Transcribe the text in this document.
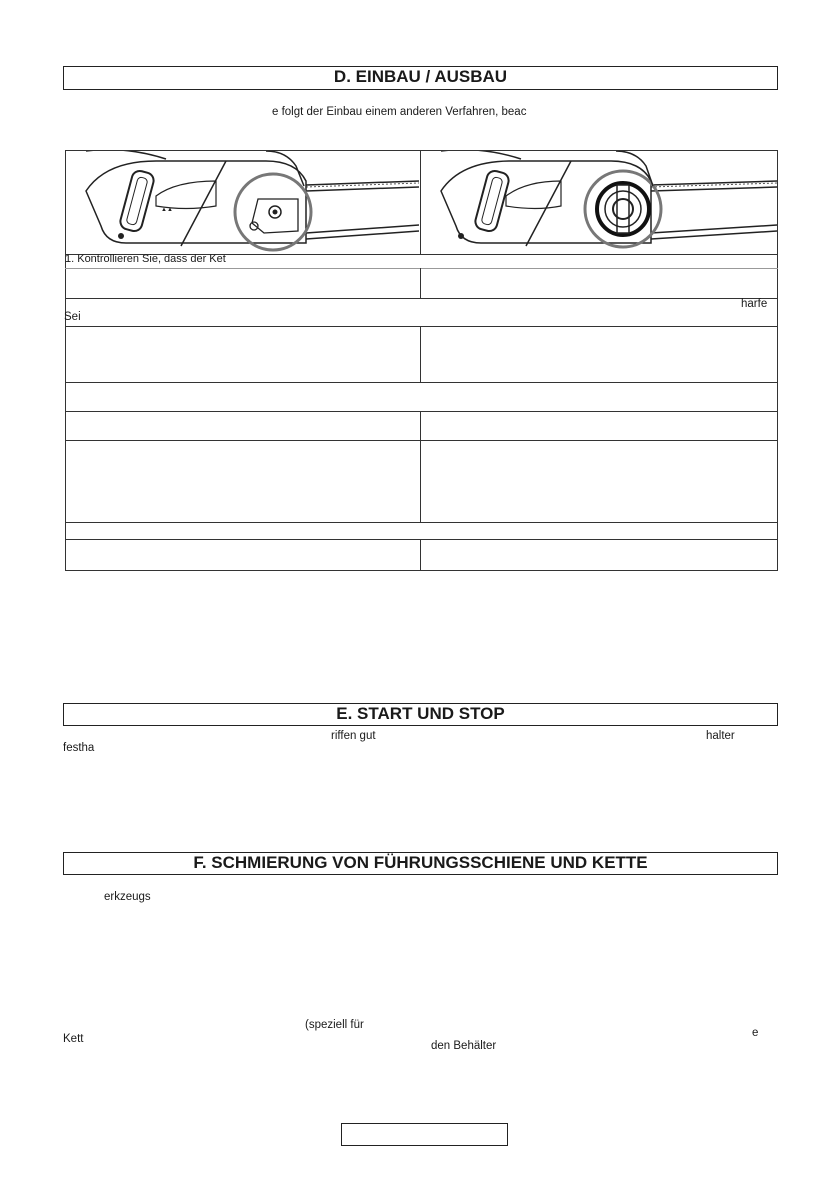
D. EINBAU / AUSBAU
e folgt der Einbau einem anderen Verfahren, beac
▲▲
1. Kontrollieren Sie, dass der Ket
harfe
Sei
E. START UND STOP
riffen gut	halter
festha
F. SCHMIERUNG VON FÜHRUNGSSCHIENE UND KETTE
erkzeugs
(speziell für
e
Kett
den Behälter
